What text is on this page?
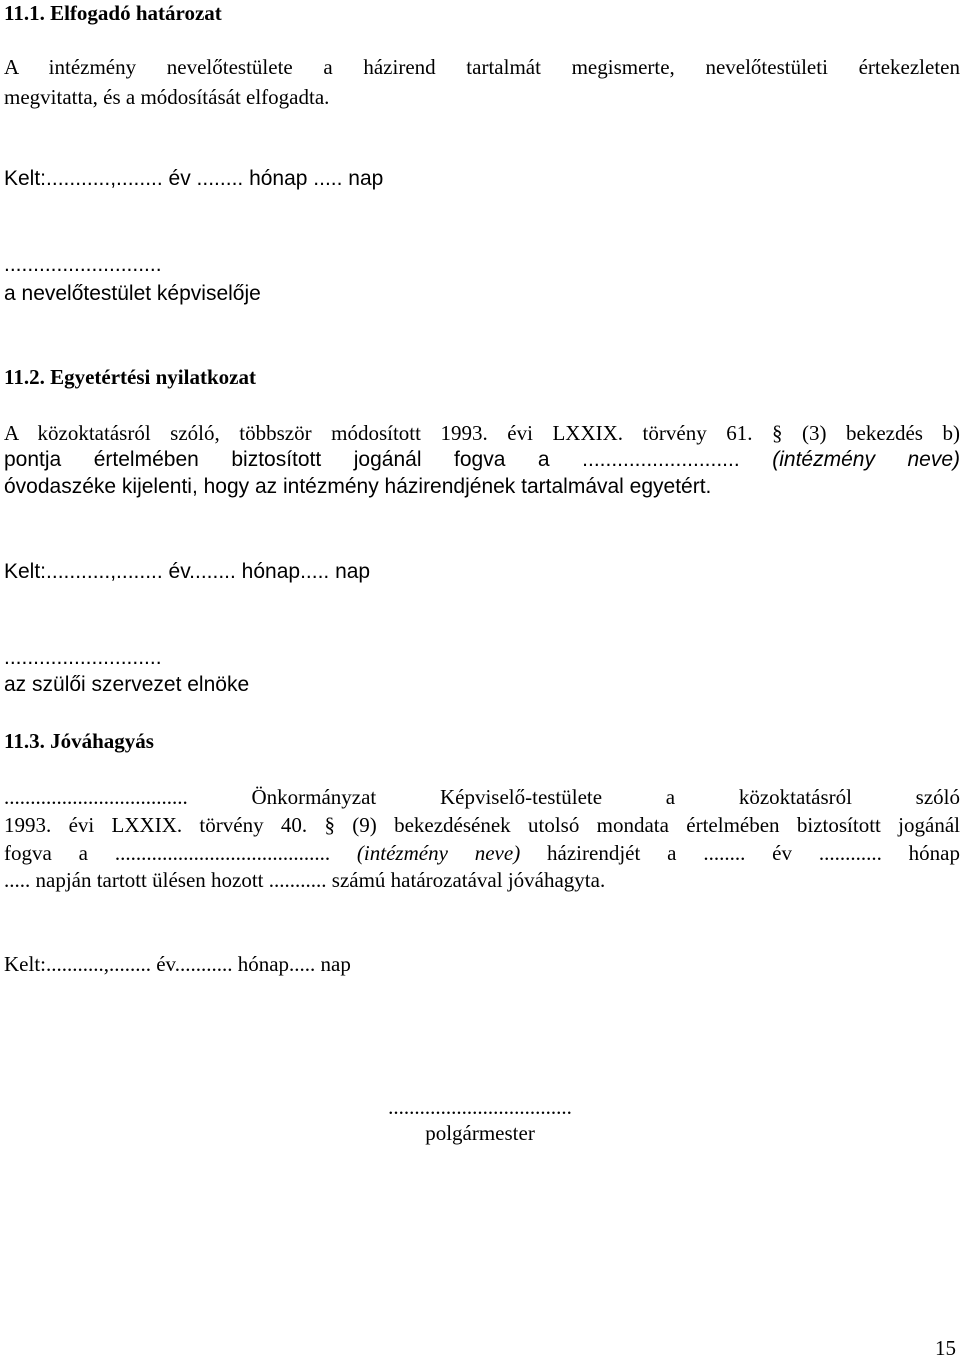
11.1. Elfogadó határozat
A intézmény nevelőtestülete a házirend tartalmát megismerte, nevelőtestületi értekezleten
megvitatta, és a módosítását elfogadta.
Kelt:...........,........ év ........ hónap ..... nap
...........................
a nevelőtestület képviselője
11.2. Egyetértési nyilatkozat
A közoktatásról szóló, többször módosított 1993. évi LXXIX. törvény 61. § (3) bekezdés b)
pontja értelmében biztosított jogánál fogva a ........................... (intézmény neve)
óvodaszéke kijelenti, hogy az intézmény házirendjének tartalmával egyetért.
Kelt:...........,........ év........ hónap..... nap
...........................
az szülői szervezet elnöke
11.3. Jóváhagyás
................................... Önkormányzat Képviselő-testülete a közoktatásról szóló
1993. évi LXXIX. törvény 40. § (9) bekezdésének utolsó mondata értelmében biztosított jogánál
fogva a ......................................... (intézmény neve) házirendjét a ........ év ............ hónap
..... napján tartott ülésen hozott ........... számú határozatával jóváhagyta.
Kelt:...........,........ év........... hónap..... nap
...................................
polgármester
15
